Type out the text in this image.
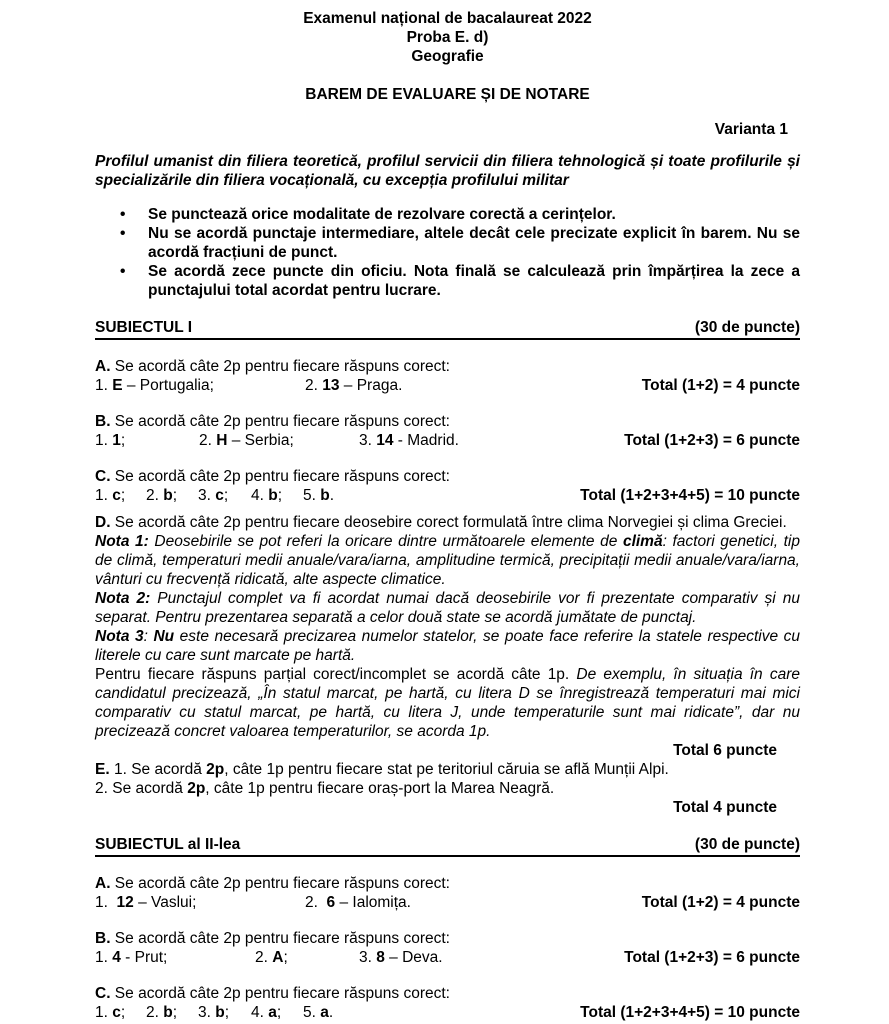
Examenul național de bacalaureat 2022
Proba E. d)
Geografie
BAREM DE EVALUARE ȘI DE NOTARE
Varianta 1

Profilul umanist din filiera teoretică, profilul servicii din filiera tehnologică și toate profilurile și specializările din filiera vocațională, cu excepția profilului militar

•	Se punctează orice modalitate de rezolvare corectă a cerințelor.
•	Nu se acordă punctaje intermediare, altele decât cele precizate explicit în barem. Nu se acordă fracțiuni de punct.
•	Se acordă zece puncte din oficiu. Nota finală se calculează prin împărțirea la zece a punctajului total acordat pentru lucrare.
SUBIECTUL I	(30 de puncte)
A. Se acordă câte 2p pentru fiecare răspuns corect:
1. E – Portugalia;	2. 13 – Praga.	Total (1+2) = 4 puncte
B. Se acordă câte 2p pentru fiecare răspuns corect:
1. 1;	2. H – Serbia;	3. 14 - Madrid.	Total (1+2+3) = 6 puncte
C. Se acordă câte 2p pentru fiecare răspuns corect:
1. c; 2. b; 3. c; 4. b; 5. b.	Total (1+2+3+4+5) = 10 puncte

D. Se acordă câte 2p pentru fiecare deosebire corect formulată între clima Norvegiei și clima Greciei.

Nota 1: Deosebirile se pot referi la oricare dintre următoarele elemente de climă: factori genetici, tip de climă, temperaturi medii anuale/vara/iarna, amplitudine termică, precipitații medii anuale/vara/iarna, vânturi cu frecvență ridicată, alte aspecte climatice.

Nota 2: Punctajul complet va fi acordat numai dacă deosebirile vor fi prezentate comparativ și nu separat. Pentru prezentarea separată a celor două state se acordă jumătate de punctaj.

Nota 3: Nu este necesară precizarea numelor statelor, se poate face referire la statele respective cu literele cu care sunt marcate pe hartă.

Pentru fiecare răspuns parțial corect/incomplet se acordă câte 1p. De exemplu, în situația în care candidatul precizează, „În statul marcat, pe hartă, cu litera D se înregistrează temperaturi mai mici comparativ cu statul marcat, pe hartă, cu litera J, unde temperaturile sunt mai ridicate”, dar nu precizează concret valoarea temperaturilor, se acorda 1p.

Total 6 puncte

E. 1. Se acordă 2p, câte 1p pentru fiecare stat pe teritoriul căruia se află Munții Alpi.

2. Se acordă 2p, câte 1p pentru fiecare oraș-port la Marea Neagră.

Total 4 puncte
SUBIECTUL al II-lea	(30 de puncte)
A. Se acordă câte 2p pentru fiecare răspuns corect:
1.  12 – Vaslui;	2.  6 – Ialomița.	Total (1+2) = 4 puncte
B. Se acordă câte 2p pentru fiecare răspuns corect:
1. 4 - Prut;	2. A;	3. 8 – Deva.	Total (1+2+3) = 6 puncte
C. Se acordă câte 2p pentru fiecare răspuns corect:
1. c; 2. b; 3. b; 4. a; 5. a.	Total (1+2+3+4+5) = 10 puncte
